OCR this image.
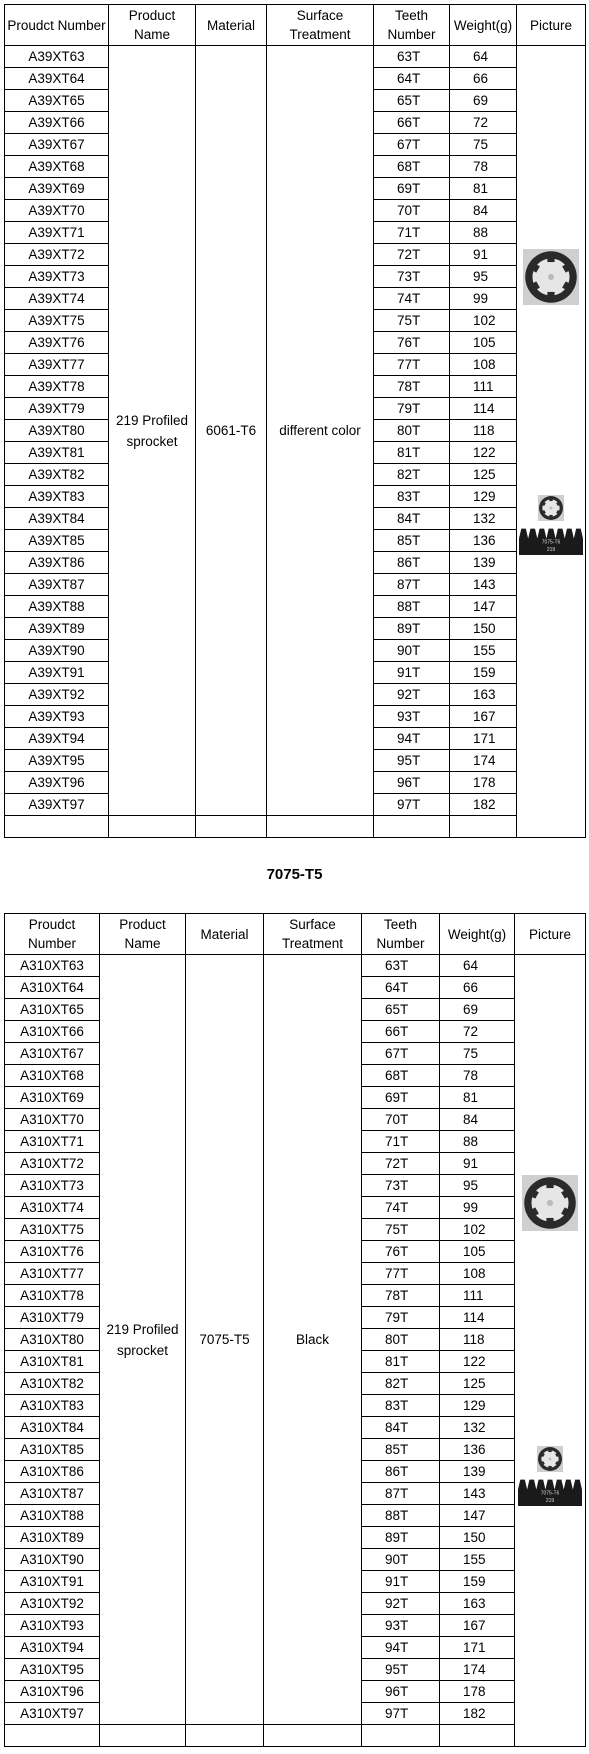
Proudct Number	Product Name	Material	Surface Treatment	Teeth Number	Weight(g)	Picture
A39XT63	219 Profiled sprocket	6061-T6	different color	63T	64	7075-T6
219

A39XT64				64T	66	
A39XT65				65T	69	
A39XT66				66T	72	
A39XT67				67T	75	
A39XT68				68T	78	
A39XT69				69T	81	
A39XT70				70T	84	
A39XT71				71T	88	
A39XT72				72T	91	
A39XT73				73T	95	
A39XT74				74T	99	
A39XT75				75T	102	
A39XT76				76T	105	
A39XT77				77T	108	
A39XT78				78T	111	
A39XT79				79T	114	
A39XT80				80T	118	
A39XT81				81T	122	
A39XT82				82T	125	
A39XT83				83T	129	
A39XT84				84T	132	
A39XT85				85T	136	
A39XT86				86T	139	
A39XT87				87T	143	
A39XT88				88T	147	
A39XT89				89T	150	
A39XT90				90T	155	
A39XT91				91T	159	
A39XT92				92T	163	
A39XT93				93T	167	
A39XT94				94T	171	
A39XT95				95T	174	
A39XT96				96T	178	
A39XT97				97T	182	

7075-T5
Proudct Number	Product Name	Material	Surface Treatment	Teeth Number	Weight(g)	Picture
A310XT63	219 Profiled sprocket	7075-T5	Black	63T	64	7075-T6
219

A310XT64				64T	66	
A310XT65				65T	69	
A310XT66				66T	72	
A310XT67				67T	75	
A310XT68				68T	78	
A310XT69				69T	81	
A310XT70				70T	84	
A310XT71				71T	88	
A310XT72				72T	91	
A310XT73				73T	95	
A310XT74				74T	99	
A310XT75				75T	102	
A310XT76				76T	105	
A310XT77				77T	108	
A310XT78				78T	111	
A310XT79				79T	114	
A310XT80				80T	118	
A310XT81				81T	122	
A310XT82				82T	125	
A310XT83				83T	129	
A310XT84				84T	132	
A310XT85				85T	136	
A310XT86				86T	139	
A310XT87				87T	143	
A310XT88				88T	147	
A310XT89				89T	150	
A310XT90				90T	155	
A310XT91				91T	159	
A310XT92				92T	163	
A310XT93				93T	167	
A310XT94				94T	171	
A310XT95				95T	174	
A310XT96				96T	178	
A310XT97				97T	182	
